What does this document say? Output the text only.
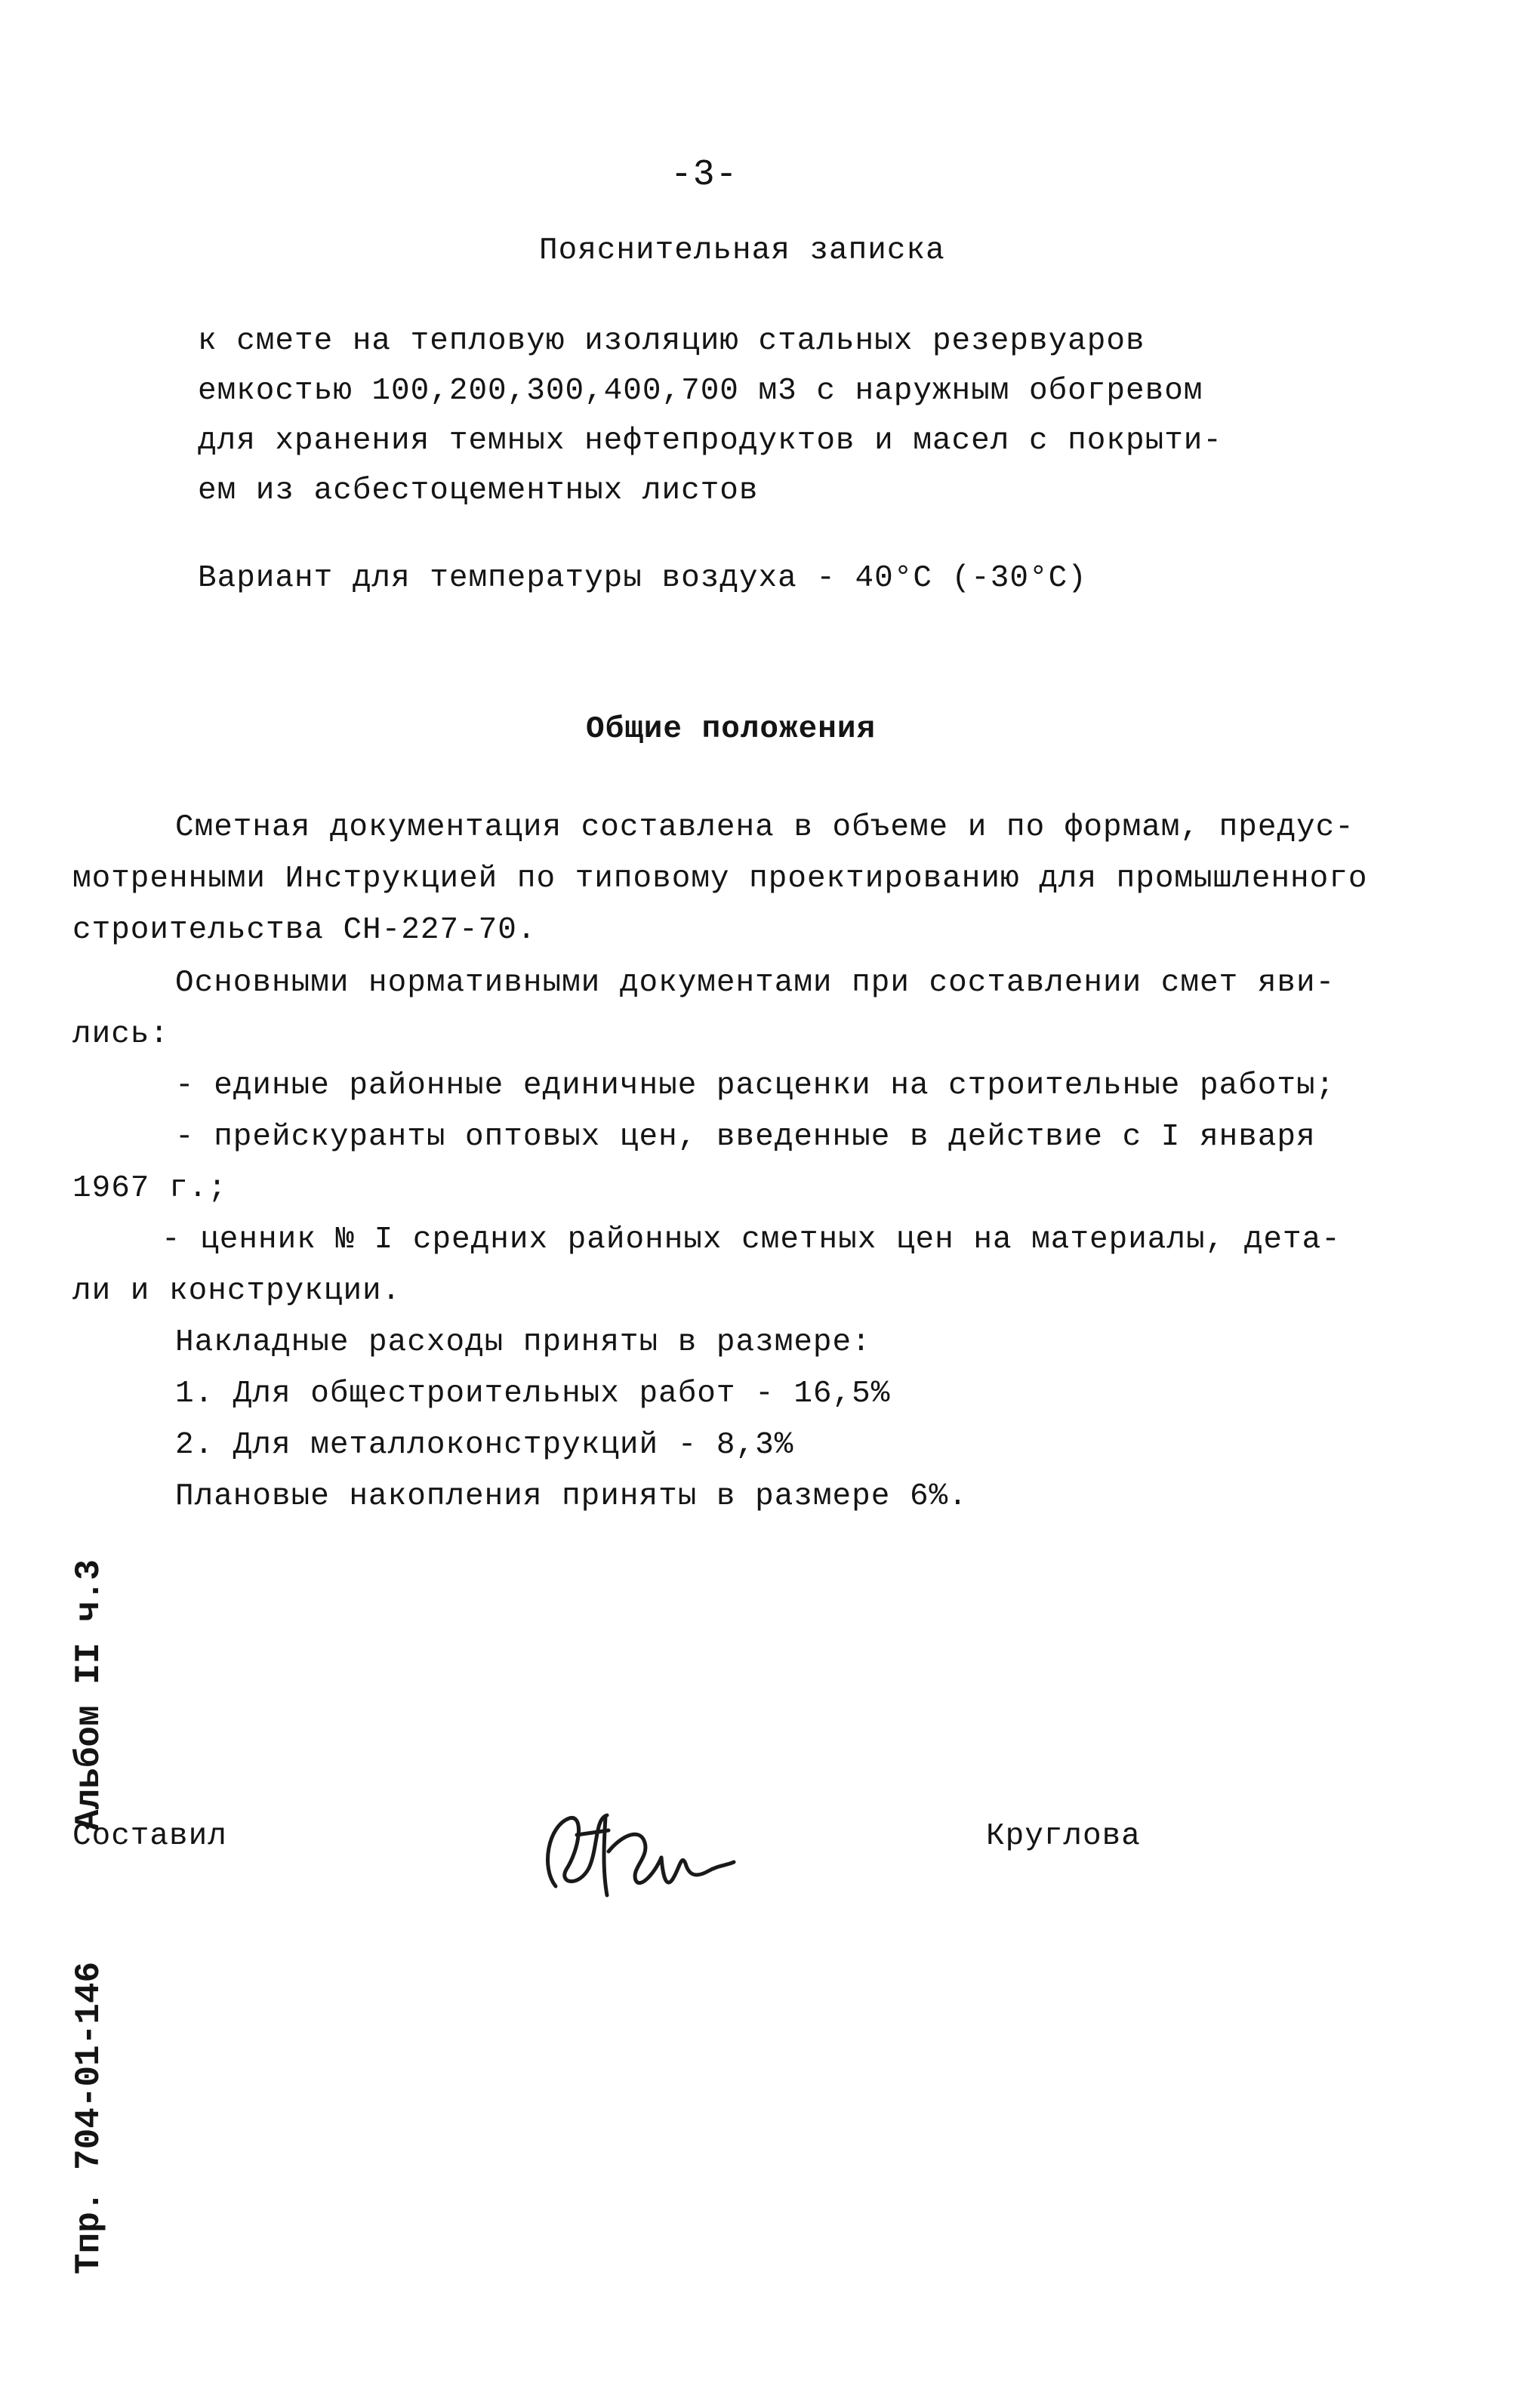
-3-
Пояснительная записка
к смете на тепловую изоляцию стальных резервуаров
емкостью 100,200,300,400,700 м3 с наружным обогревом
для хранения темных нефтепродуктов и масел с покрыти-
ем из асбестоцементных листов
Вариант для температуры воздуха - 40°С (-30°С)
Общие положения
Сметная документация составлена в объеме и по формам, предус-
мотренными Инструкцией по типовому проектированию для промышленного
строительства СН-227-70.
Основными нормативными документами при составлении смет яви-
лись:
- единые районные единичные расценки на строительные работы;
- прейскуранты оптовых цен, введенные в действие с I января
1967 г.;
- ценник № I средних районных сметных цен на материалы, дета-
ли и конструкции.
Накладные расходы приняты в размере:
1. Для общестроительных работ - 16,5%
2. Для металлоконструкций - 8,3%
Плановые накопления приняты в размере 6%.
Составил	Круглова
Альбом II ч.3
Тпр. 704-01-146
